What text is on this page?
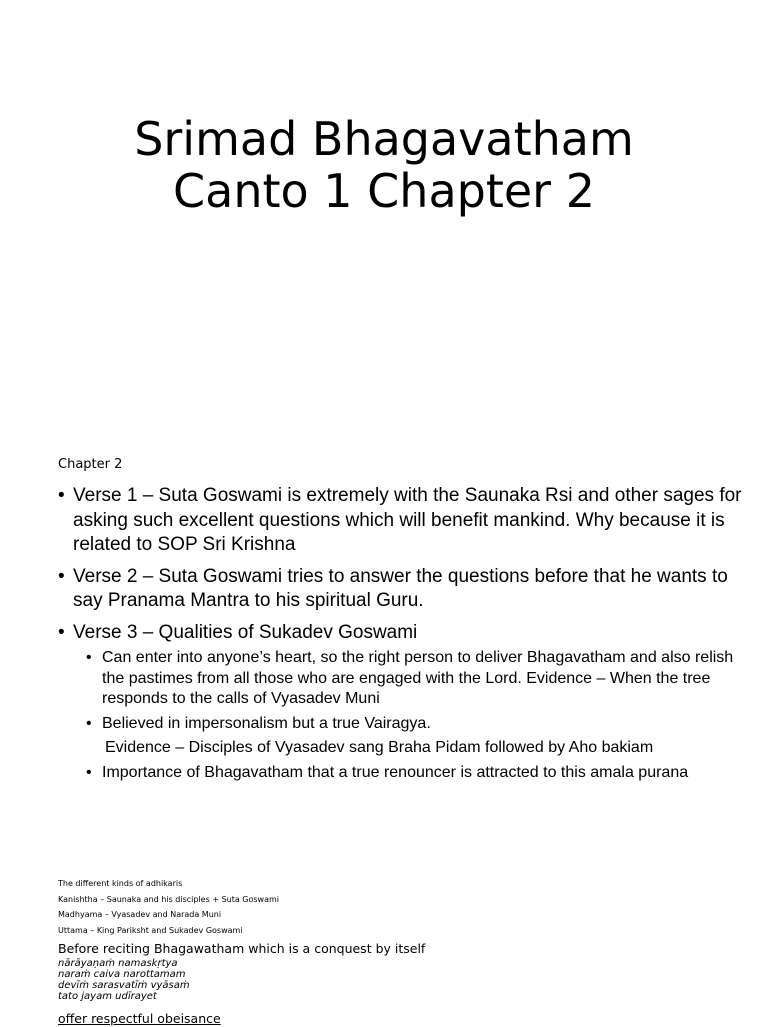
Srimad Bhagavatham
Canto 1 Chapter 2

Chapter 2

• Verse 1 – Suta Goswami is extremely with the Saunaka Rsi and other sages for asking such excellent questions which will benefit mankind. Why because it is related to SOP Sri Krishna
• Verse 2 – Suta Goswami tries to answer the questions before that he wants to say Pranama Mantra to his spiritual Guru.
• Verse 3 – Qualities of Sukadev Goswami
• Can enter into anyone’s heart, so the right person to deliver Bhagavatham and also relish the pastimes from all those who are engaged with the Lord. Evidence – When the tree responds to the calls of Vyasadev Muni
• Believed in impersonalism but a true Vairagya.

Evidence – Disciples of Vyasadev sang Braha Pidam followed by Aho bakiam

• Importance of Bhagavatham that a true renouncer is attracted to this amala purana

The different kinds of adhikaris

Kanishtha – Saunaka and his disciples + Suta Goswami

Madhyama – Vyasadev and Narada Muni

Uttama – King Pariksht and Sukadev Goswami

Before reciting Bhagawatham which is a conquest by itself

nārāyaṇaṁ namaskṛtya
naraṁ caiva narottamam
devīṁ sarasvatīṁ vyāsaṁ
tato jayam udīrayet

offer respectful obeisance
